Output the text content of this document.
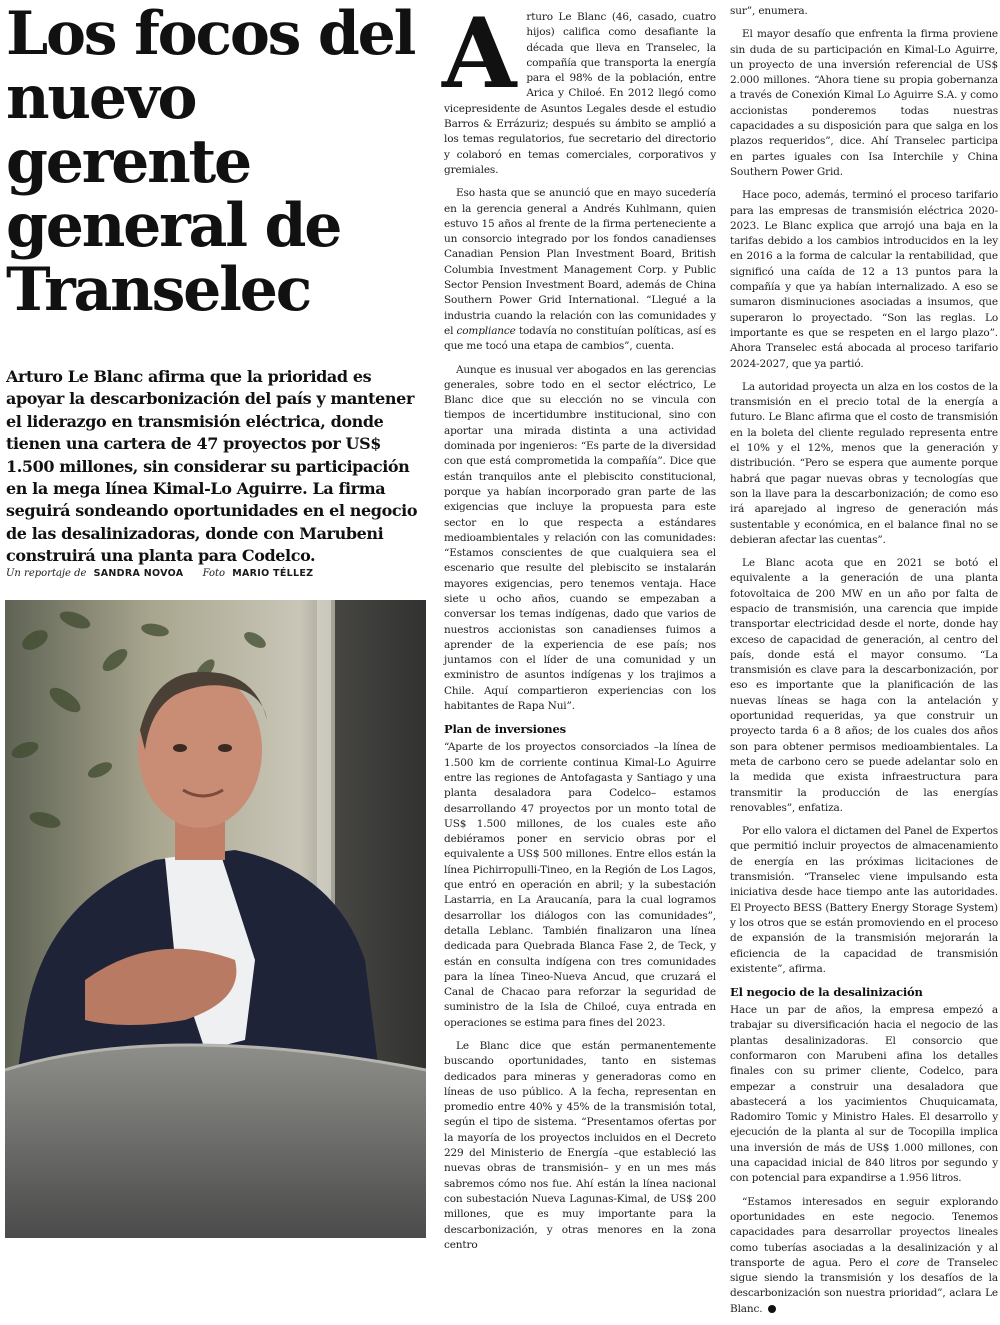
Los focos del nuevo gerente general de Transelec

Arturo Le Blanc afirma que la prioridad es apoyar la descarbonización del país y mantener el liderazgo en transmisión eléctrica, donde tienen una cartera de 47 proyectos por US$ 1.500 millones, sin considerar su participación en la mega línea Kimal-Lo Aguirre. La firma seguirá sondeando oportunidades en el negocio de las desalinizadoras, donde con Marubeni construirá una planta para Codelco.

Un reportaje de SANDRA NOVOA Foto MARIO TÉLLEZ
A rturo Le Blanc (46, casado, cuatro hijos) califica como desafiante la década que lleva en Transelec, la compañía que transporta la energía para el 98% de la población, entre Arica y Chiloé. En 2012 llegó como vicepresidente de Asuntos Legales desde el estudio Barros & Errázuriz; después su ámbito se amplió a los temas regulatorios, fue secretario del directorio y colaboró en temas comerciales, corporativos y gremiales.

Eso hasta que se anunció que en mayo sucedería en la gerencia general a Andrés Kuhlmann, quien estuvo 15 años al frente de la firma perteneciente a un consorcio integrado por los fondos canadienses Canadian Pension Plan Investment Board, British Columbia Investment Management Corp. y Public Sector Pension Investment Board, además de China Southern Power Grid International. “Llegué a la industria cuando la relación con las comunidades y el compliance todavía no constituían políticas, así es que me tocó una etapa de cambios”, cuenta.

Aunque es inusual ver abogados en las gerencias generales, sobre todo en el sector eléctrico, Le Blanc dice que su elección no se vincula con tiempos de incertidumbre institucional, sino con aportar una mirada distinta a una actividad dominada por ingenieros: “Es parte de la diversidad con que está comprometida la compañía”. Dice que están tranquilos ante el plebiscito constitucional, porque ya habían incorporado gran parte de las exigencias que incluye la propuesta para este sector en lo que respecta a estándares medioambientales y relación con las comunidades: “Estamos conscientes de que cualquiera sea el escenario que resulte del plebiscito se instalarán mayores exigencias, pero tenemos ventaja. Hace siete u ocho años, cuando se empezaban a conversar los temas indígenas, dado que varios de nuestros accionistas son canadienses fuimos a aprender de la experiencia de ese país; nos juntamos con el líder de una comunidad y un exministro de asuntos indígenas y los trajimos a Chile. Aquí compartieron experiencias con los habitantes de Rapa Nui”.

Plan de inversiones

“Aparte de los proyectos consorciados –la línea de 1.500 km de corriente continua Kimal-Lo Aguirre entre las regiones de Antofagasta y Santiago y una planta desaladora para Codelco– estamos desarrollando 47 proyectos por un monto total de US$ 1.500 millones, de los cuales este año debiéramos poner en servicio obras por el equivalente a US$ 500 millones. Entre ellos están la línea Pichirropulli-Tineo, en la Región de Los Lagos, que entró en operación en abril; y la subestación Lastarria, en La Araucanía, para la cual logramos desarrollar los diálogos con las comunidades”, detalla Leblanc. También finalizaron una línea dedicada para Quebrada Blanca Fase 2, de Teck, y están en consulta indígena con tres comunidades para la línea Tineo-Nueva Ancud, que cruzará el Canal de Chacao para reforzar la seguridad de suministro de la Isla de Chiloé, cuya entrada en operaciones se estima para fines del 2023.

Le Blanc dice que están permanentemente buscando oportunidades, tanto en sistemas dedicados para mineras y generadoras como en líneas de uso público. A la fecha, representan en promedio entre 40% y 45% de la transmisión total, según el tipo de sistema. “Presentamos ofertas por la mayoría de los proyectos incluidos en el Decreto 229 del Ministerio de Energía –que estableció las nuevas obras de transmisión– y en un mes más sabremos cómo nos fue. Ahí están la línea nacional con subestación Nueva Lagunas-Kimal, de US$ 200 millones, que es muy importante para la descarbonización, y otras menores en la zona centro

sur”, enumera.

El mayor desafío que enfrenta la firma proviene sin duda de su participación en Kimal-Lo Aguirre, un proyecto de una inversión referencial de US$ 2.000 millones. “Ahora tiene su propia gobernanza a través de Conexión Kimal Lo Aguirre S.A. y como accionistas ponderemos todas nuestras capacidades a su disposición para que salga en los plazos requeridos”, dice. Ahí Transelec participa en partes iguales con Isa Interchile y China Southern Power Grid.

Hace poco, además, terminó el proceso tarifario para las empresas de transmisión eléctrica 2020-2023. Le Blanc explica que arrojó una baja en la tarifas debido a los cambios introducidos en la ley en 2016 a la forma de calcular la rentabilidad, que significó una caída de 12 a 13 puntos para la compañía y que ya habían internalizado. A eso se sumaron disminuciones asociadas a insumos, que superaron lo proyectado. “Son las reglas. Lo importante es que se respeten en el largo plazo”. Ahora Transelec está abocada al proceso tarifario 2024-2027, que ya partió.

La autoridad proyecta un alza en los costos de la transmisión en el precio total de la energía a futuro. Le Blanc afirma que el costo de transmisión en la boleta del cliente regulado representa entre el 10% y el 12%, menos que la generación y distribución. “Pero se espera que aumente porque habrá que pagar nuevas obras y tecnologías que son la llave para la descarbonización; de como eso irá aparejado al ingreso de generación más sustentable y económica, en el balance final no se debieran afectar las cuentas”.

Le Blanc acota que en 2021 se botó el equivalente a la generación de una planta fotovoltaica de 200 MW en un año por falta de espacio de transmisión, una carencia que impide transportar electricidad desde el norte, donde hay exceso de capacidad de generación, al centro del país, donde está el mayor consumo. “La transmisión es clave para la descarbonización, por eso es importante que la planificación de las nuevas líneas se haga con la antelación y oportunidad requeridas, ya que construir un proyecto tarda 6 a 8 años; de los cuales dos años son para obtener permisos medioambientales. La meta de carbono cero se puede adelantar solo en la medida que exista infraestructura para transmitir la producción de las energías renovables”, enfatiza.

Por ello valora el dictamen del Panel de Expertos que permitió incluir proyectos de almacenamiento de energía en las próximas licitaciones de transmisión. “Transelec viene impulsando esta iniciativa desde hace tiempo ante las autoridades. El Proyecto BESS (Battery Energy Storage System) y los otros que se están promoviendo en el proceso de expansión de la transmisión mejorarán la eficiencia de la capacidad de transmisión existente”, afirma.

El negocio de la desalinización

Hace un par de años, la empresa empezó a trabajar su diversificación hacia el negocio de las plantas desalinizadoras. El consorcio que conformaron con Marubeni afina los detalles finales con su primer cliente, Codelco, para empezar a construir una desaladora que abastecerá a los yacimientos Chuquicamata, Radomiro Tomic y Ministro Hales. El desarrollo y ejecución de la planta al sur de Tocopilla implica una inversión de más de US$ 1.000 millones, con una capacidad inicial de 840 litros por segundo y con potencial para expandirse a 1.956 litros.

“Estamos interesados en seguir explorando oportunidades en este negocio. Tenemos capacidades para desarrollar proyectos lineales como tuberías asociadas a la desalinización y al transporte de agua. Pero el core de Transelec sigue siendo la transmisión y los desafíos de la descarbonización son nuestra prioridad”, aclara Le Blanc.
